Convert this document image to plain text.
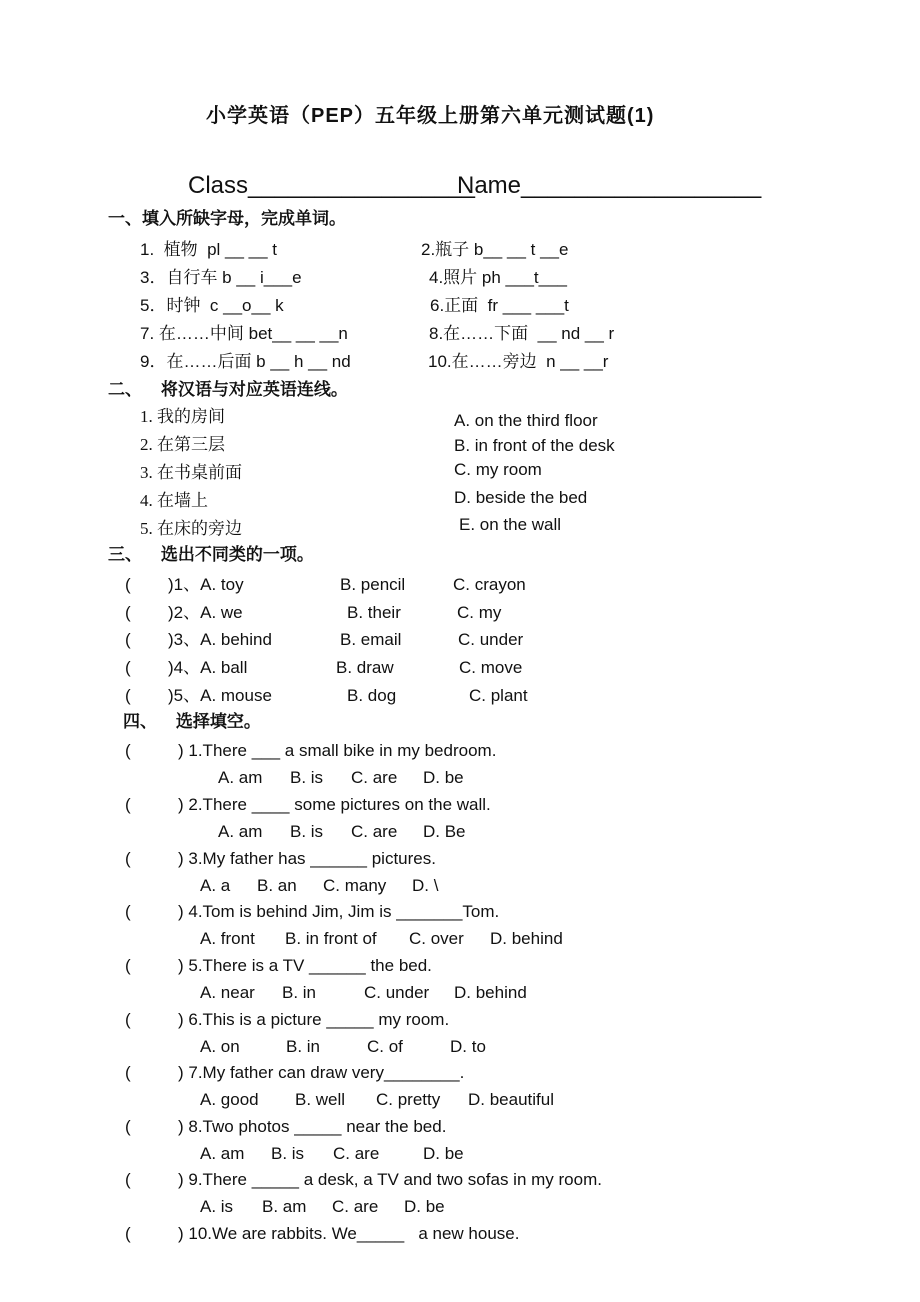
小学英语（PEP）五年级上册第六单元测试题(1)
Class_________________
Name__________________
一、填入所缺字母，完成单词。
1.  植物  pl __ __ t	2.瓶子 b__ __ t __e
3．自行车 b __ i___e	4.照片 ph ___t___
5．时钟  c __o__ k	6.正面  fr ___ ___t
7. 在……中间 bet__ __ __n	8.在……下面  __ nd __ r
9．在……后面 b __ h __ nd	10.在……旁边  n __ __r
二、    将汉语与对应英语连线。
1. 我的房间
2. 在第三层
3. 在书桌前面
4. 在墙上
5. 在床的旁边
A. on the third floor
B. in front of the desk
C. my room
D. beside the bed
E. on the wall
三、    选出不同类的一项。
( )1、A. toy	B. pencil	C. crayon
( )2、A. we	B. their	C. my
( )3、A. behind	B. email	C. under
( )4、A. ball	B. draw	C. move
( )5、A. mouse	B. dog	C. plant
四、    选择填空。
(	) 1.There ___ a small bike in my bedroom.
A. am B. is C. are D. be
(	) 2.There ____ some pictures on the wall.
A. am B. is C. are D. Be
(	) 3.My father has ______ pictures.
A. a B. an C. many D. \
(	) 4.Tom is behind Jim, Jim is _______Tom.
A. front B. in front of C. over D. behind
(	) 5.There is a TV ______ the bed.
A. near B. in	C. under D. behind
(	) 6.This is a picture _____ my room.
A. on	B. in	C. of	D. to
(	) 7.My father can draw very________.
A. good B. well C. pretty D. beautiful
(	) 8.Two photos _____ near the bed.
A. am B. is C. are	D. be
(	) 9.There _____ a desk, a TV and two sofas in my room.
A. is B. am C. are D. be
(	) 10.We are rabbits. We_____   a new house.
